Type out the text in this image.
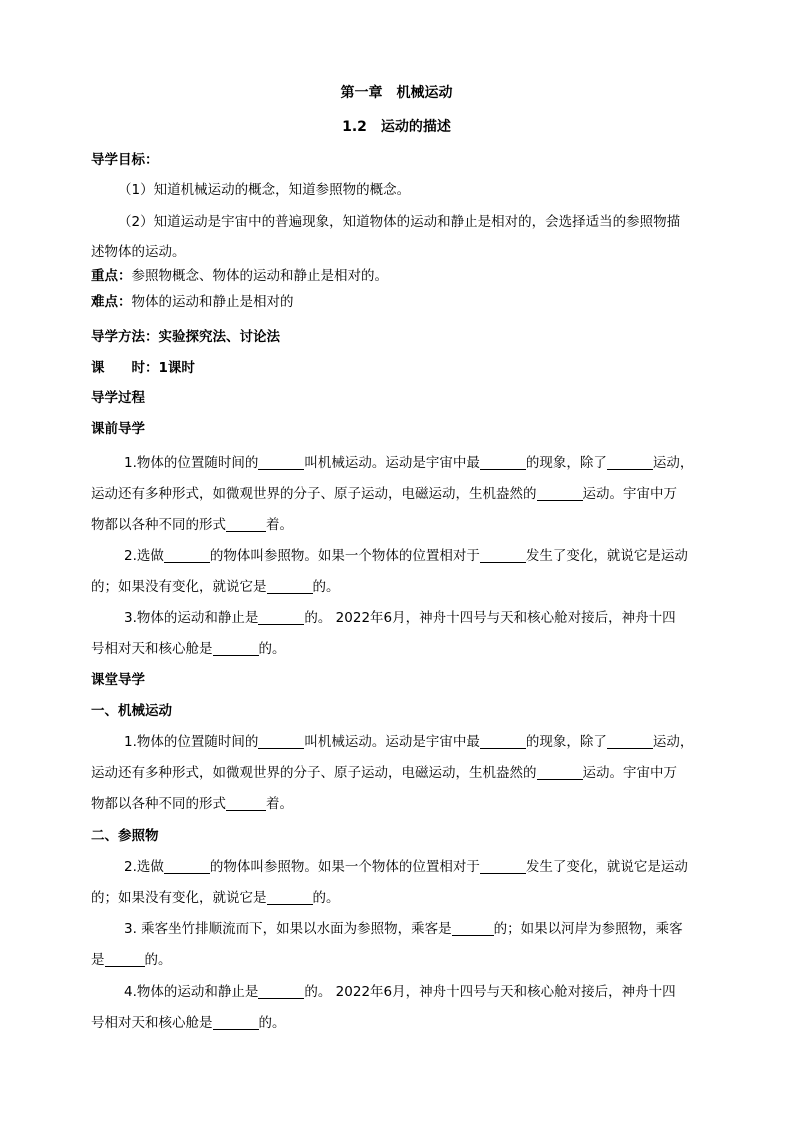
第一章　机械运动
1.2　运动的描述
导学目标：
（1）知道机械运动的概念，知道参照物的概念。
（2）知道运动是宇宙中的普遍现象，知道物体的运动和静止是相对的，会选择适当的参照物描
述物体的运动。
重点：参照物概念、物体的运动和静止是相对的。
难点：物体的运动和静止是相对的
导学方法：实验探究法、讨论法
课　　时：1课时
导学过程
课前导学
1.物体的位置随时间的	叫机械运动。运动是宇宙中最	的现象，除了	运动，
运动还有多种形式，如微观世界的分子、原子运动，电磁运动，生机盎然的	运动。宇宙中万
物都以各种不同的形式	着。
2.选做	的物体叫参照物。如果一个物体的位置相对于	发生了变化，就说它是运动
的；如果没有变化，就说它是	的。
3.物体的运动和静止是	的。 2022年6月，神舟十四号与天和核心舱对接后，神舟十四
号相对天和核心舱是	的。
课堂导学
一、机械运动
1.物体的位置随时间的	叫机械运动。运动是宇宙中最	的现象，除了	运动，
运动还有多种形式，如微观世界的分子、原子运动，电磁运动，生机盎然的	运动。宇宙中万
物都以各种不同的形式	着。
二、参照物
2.选做	的物体叫参照物。如果一个物体的位置相对于	发生了变化，就说它是运动
的；如果没有变化，就说它是	的。
3. 乘客坐竹排顺流而下，如果以水面为参照物，乘客是	的；如果以河岸为参照物，乘客
是	的。
4.物体的运动和静止是	的。 2022年6月，神舟十四号与天和核心舱对接后，神舟十四
号相对天和核心舱是	的。
